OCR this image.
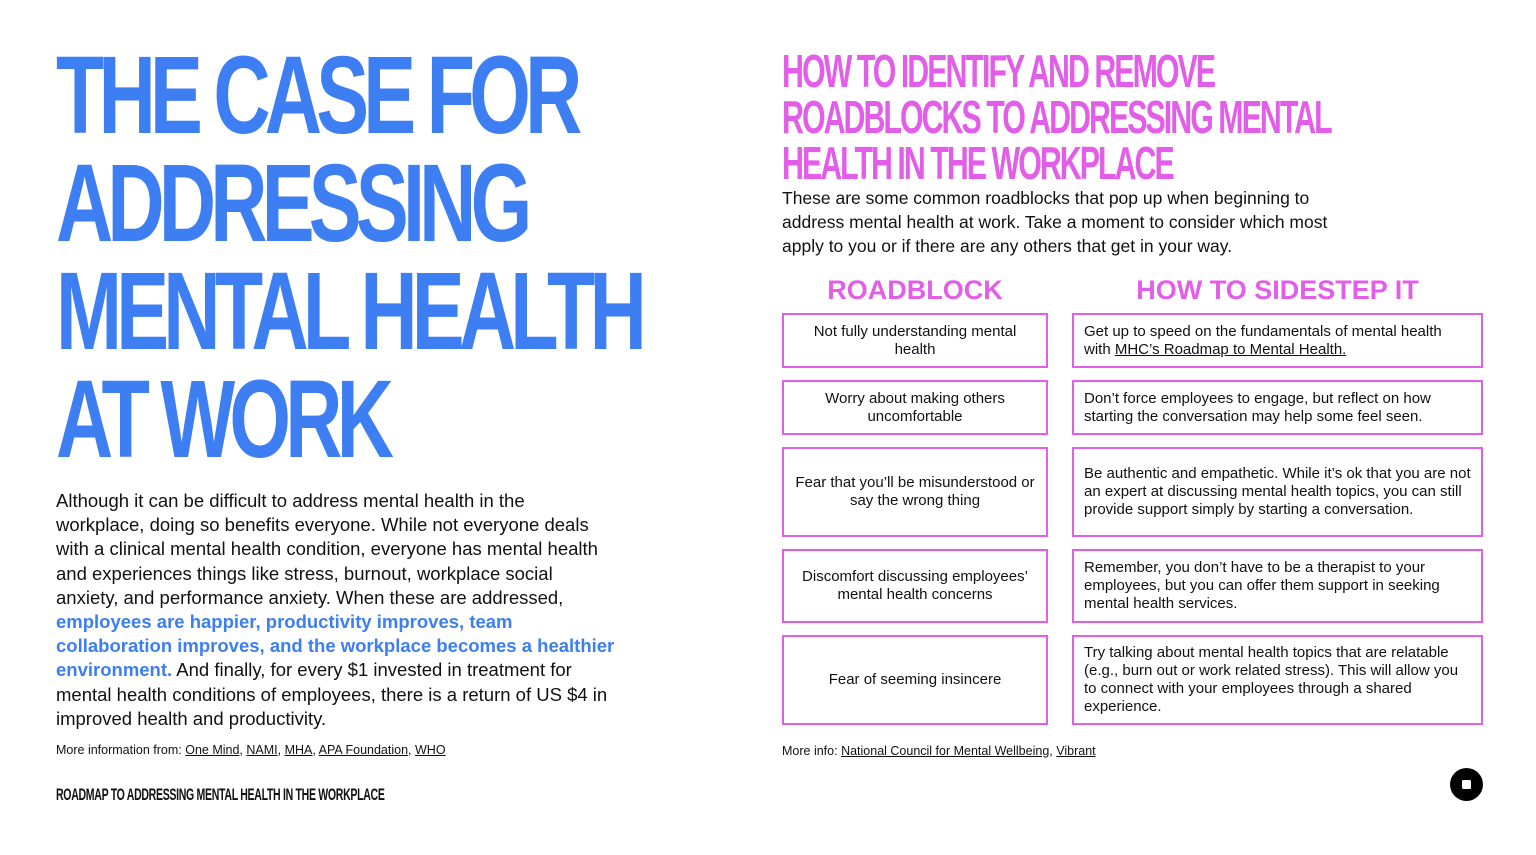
THE CASE FOR
ADDRESSING
MENTAL HEALTH
AT WORK

Although it can be difficult to address mental health in the workplace, doing so benefits everyone. While not everyone deals with a clinical mental health condition, everyone has mental health and experiences things like stress, burnout, workplace social anxiety, and performance anxiety. When these are addressed, employees are happier, productivity improves, team collaboration improves, and the workplace becomes a healthier environment. And finally, for every $1 invested in treatment for mental health conditions of employees, there is a return of US $4 in improved health and productivity.

More information from: One Mind, NAMI, MHA, APA Foundation, WHO
ROADMAP TO ADDRESSING MENTAL HEALTH IN THE WORKPLACE
HOW TO IDENTIFY AND REMOVE
ROADBLOCKS TO ADDRESSING MENTAL
HEALTH IN THE WORKPLACE

These are some common roadblocks that pop up when beginning to address mental health at work. Take a moment to consider which most apply to you or if there are any others that get in your way.

ROADBLOCK	HOW TO SIDESTEP IT

Not fully understanding mental health

Get up to speed on the fundamentals of mental health with MHC’s Roadmap to Mental Health.

Worry about making others uncomfortable

Don’t force employees to engage, but reflect on how starting the conversation may help some feel seen.

Fear that you’ll be misunderstood or say the wrong thing

Be authentic and empathetic. While it’s ok that you are not an expert at discussing mental health topics, you can still provide support simply by starting a conversation.

Discomfort discussing employees’ mental health concerns

Remember, you don’t have to be a therapist to your employees, but you can offer them support in seeking mental health services.

Fear of seeming insincere

Try talking about mental health topics that are relatable (e.g., burn out or work related stress). This will allow you to connect with your employees through a shared experience.

More info: National Council for Mental Wellbeing, Vibrant
